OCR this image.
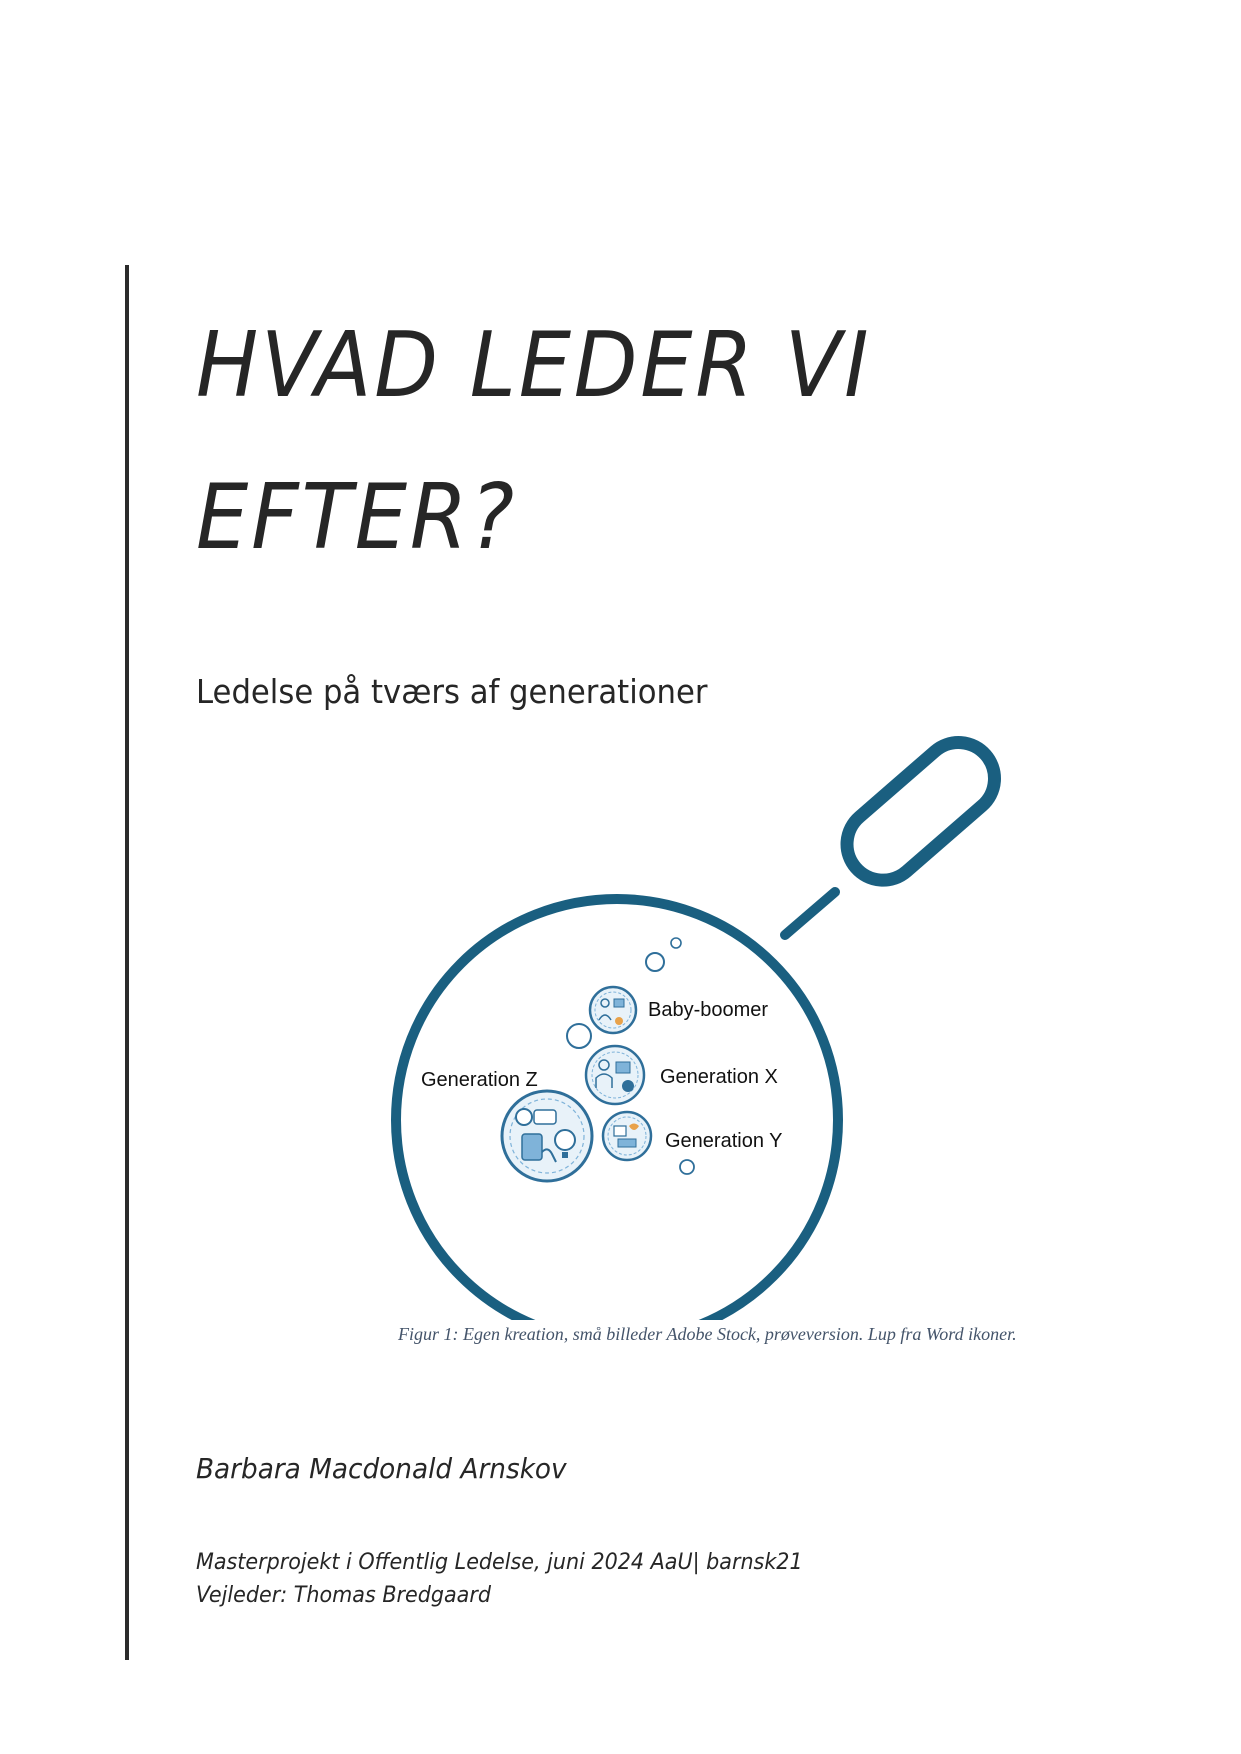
HVAD LEDER VI
EFTER?
Ledelse på tværs af generationer
Baby-boomer
Generation X
Generation Z
Generation Y
Figur 1: Egen kreation, små billeder Adobe Stock, prøveversion. Lup fra Word ikoner.
Barbara Macdonald Arnskov
Masterprojekt i Offentlig Ledelse, juni 2024 AaU| barnsk21
Vejleder: Thomas Bredgaard
